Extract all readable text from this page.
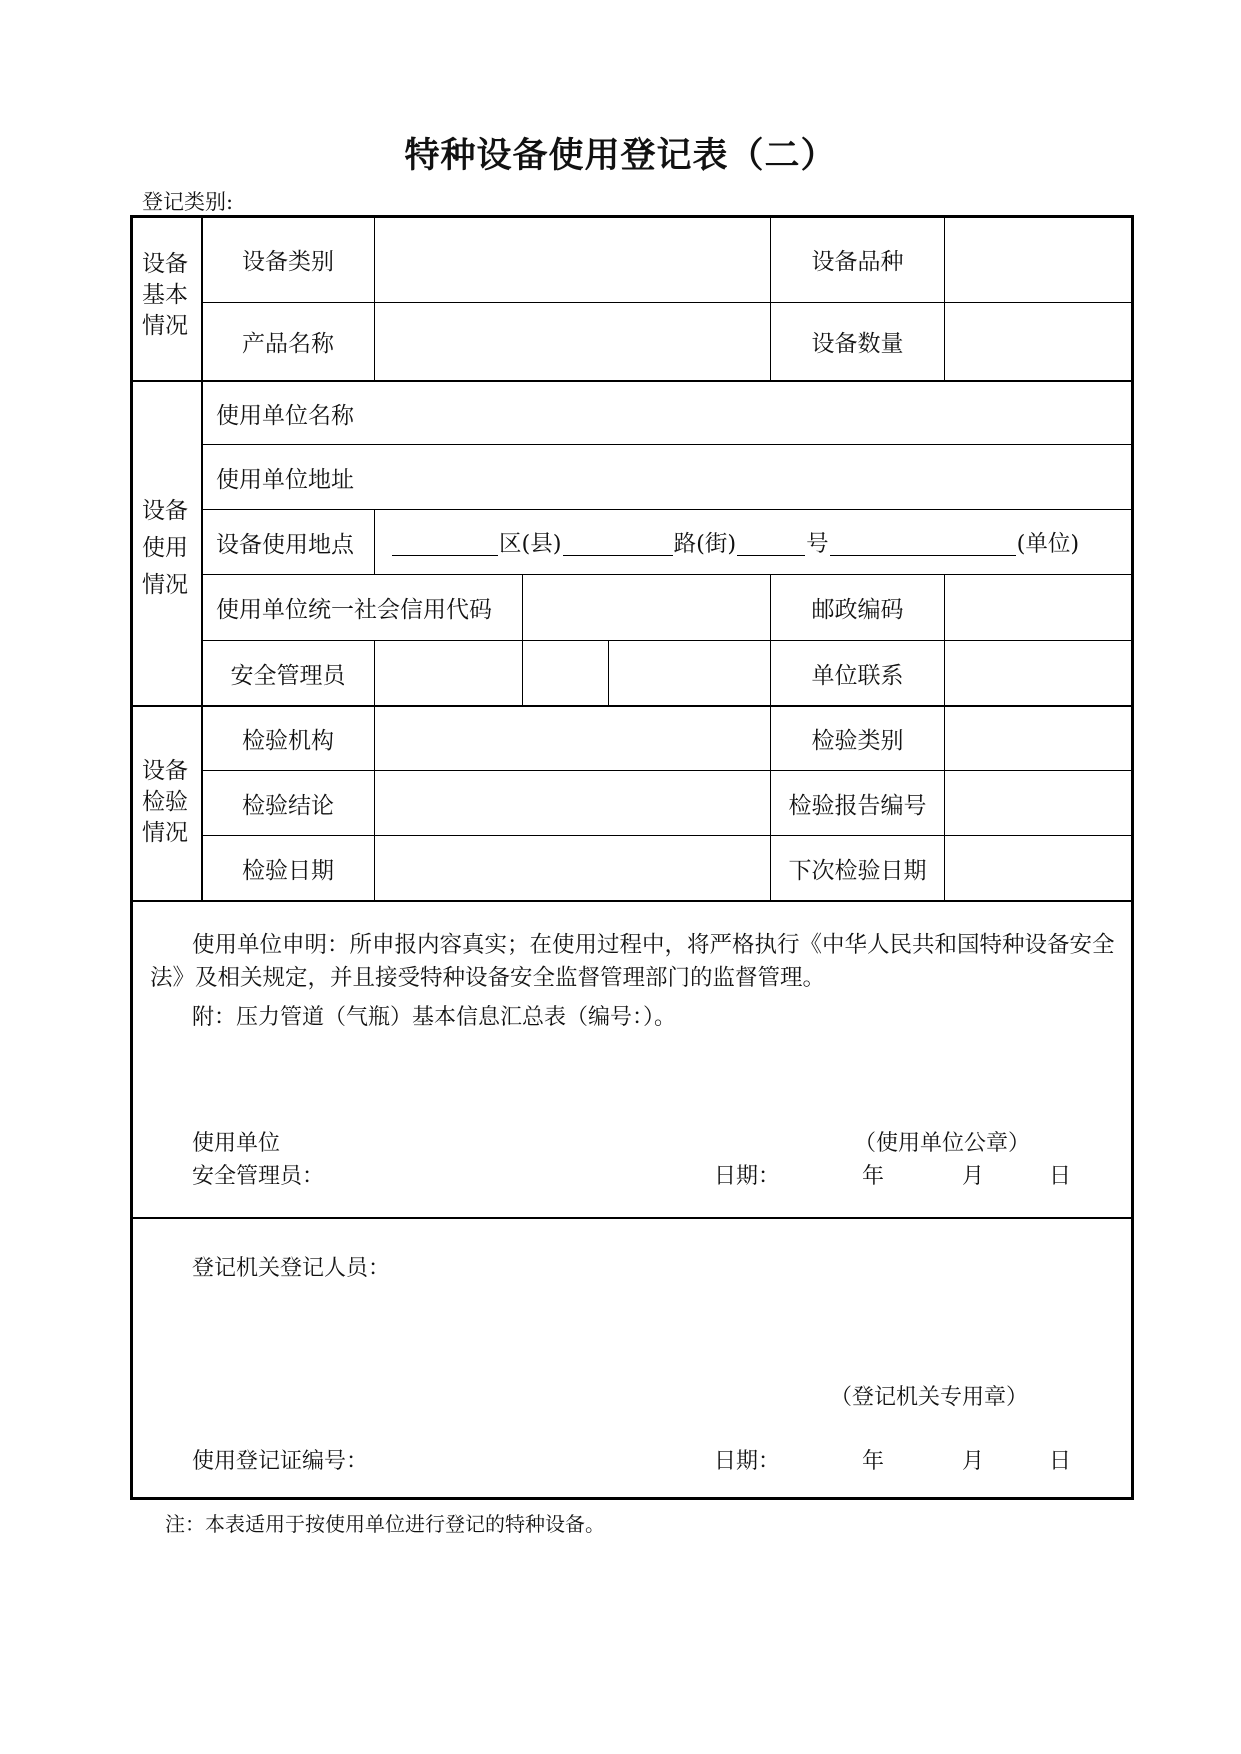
特种设备使用登记表（二）
登记类别:
设备
基本
情况
设备类别	设备品种
产品名称	设备数量
设备
使用
情况
使用单位名称
使用单位地址
设备使用地点	区(县)	路(街)	号	(单位)
使用单位统一社会信用代码	邮政编码
安全管理员	单位联系
设备
检验
情况
检验机构	检验类别
检验结论	检验报告编号
检验日期	下次检验日期
使用单位申明：所申报内容真实；在使用过程中，将严格执行《中华人民共和国特种设备安全法》及相关规定，并且接受特种设备安全监督管理部门的监督管理。
附：压力管道（气瓶）基本信息汇总表（编号：）。
使用单位	（使用单位公章）
安全管理员：	日期：	年	月	日
登记机关登记人员：
（登记机关专用章）
使用登记证编号：	日期：	年	月	日
注：本表适用于按使用单位进行登记的特种设备。
